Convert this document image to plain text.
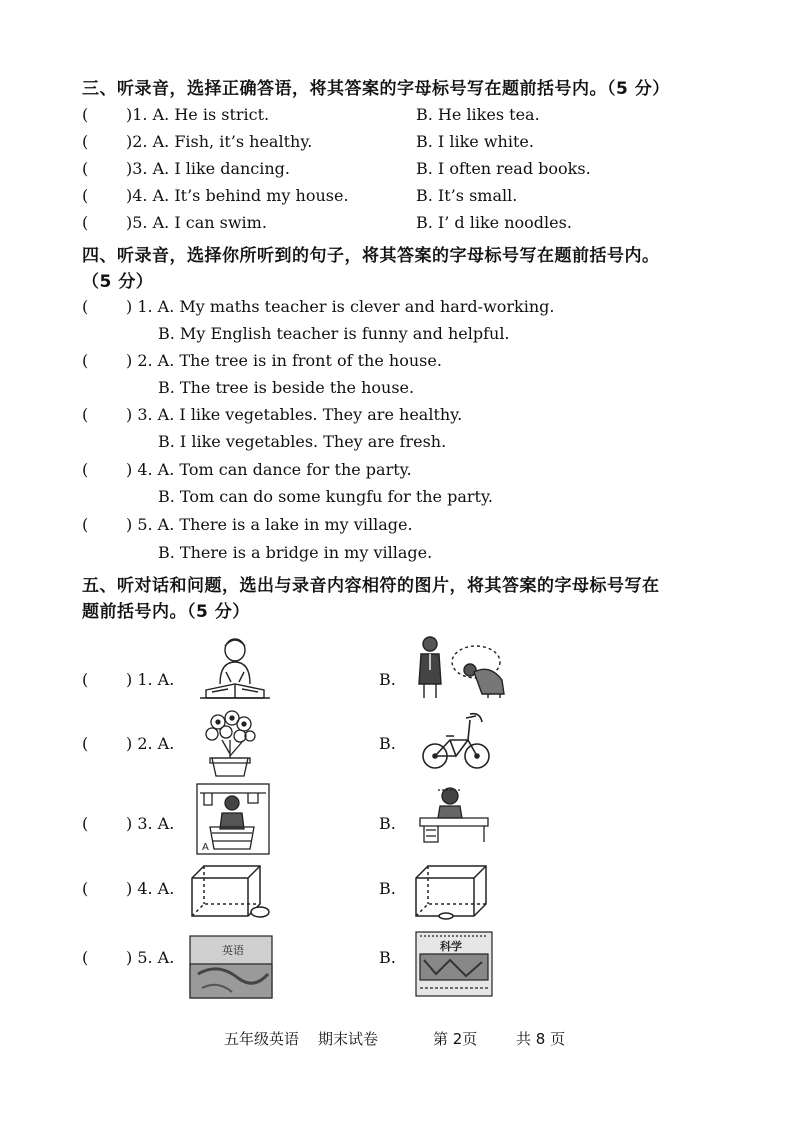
三、听录音，选择正确答语，将其答案的字母标号写在题前括号内。（5 分）
( )1. A. He is strict.	B. He likes tea.
( )2. A. Fish, it’s healthy.	B. I like white.
( )3. A. I like dancing.	B. I often read books.
( )4. A. It’s behind my house.	B. It’s small.
( )5. A. I can swim.	B. I’ d like noodles.
四、听录音，选择你所听到的句子，将其答案的字母标号写在题前括号内。
（5 分）
( ) 1. A. My maths teacher is clever and hard-working.
B. My English teacher is funny and helpful.
( ) 2. A. The tree is in front of the house.
B. The tree is beside the house.
( ) 3. A. I like vegetables. They are healthy.
B. I like vegetables. They are fresh.
( ) 4. A. Tom can dance for the party.
B. Tom can do some kungfu for the party.
( ) 5. A. There is a lake in my village.
B. There is a bridge in my village.
五、听对话和问题，选出与录音内容相符的图片，将其答案的字母标号写在
题前括号内。（5 分）
( ) 1. A.	B.
( ) 2. A.	B.
( ) 3. A.	B.
A
( ) 4. A.	B.
( ) 5. A.	B.
英语	科学
五年级英语 期末试卷	第 2页	共 8 页
